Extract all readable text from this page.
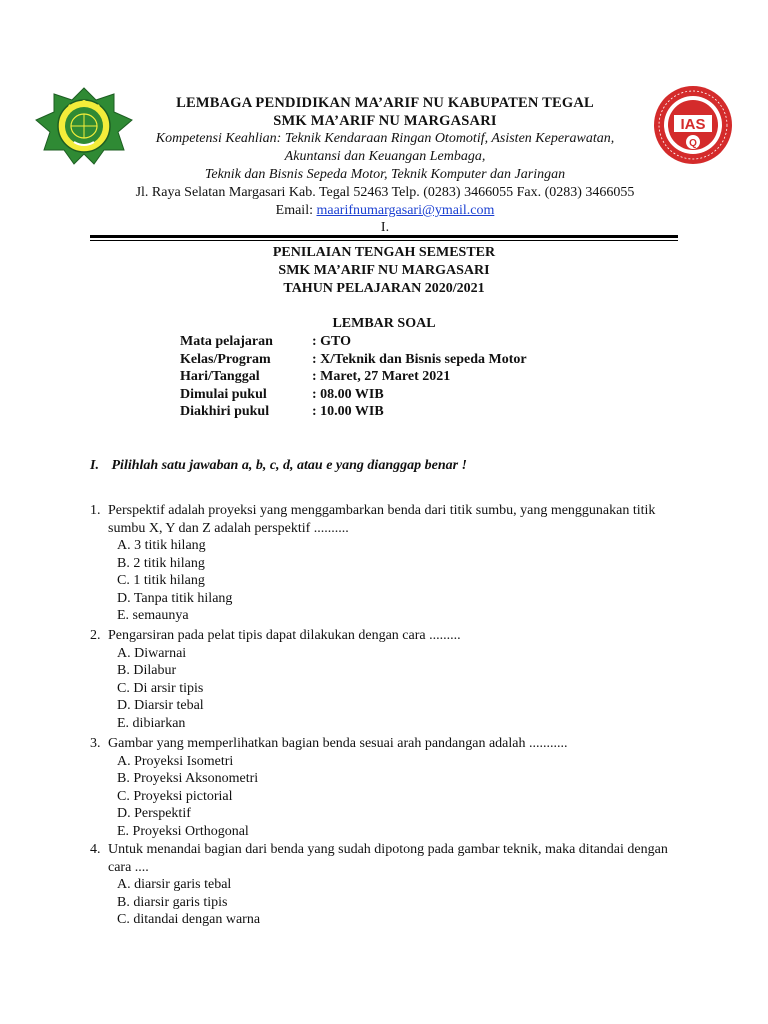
IAS
Q
LEMBAGA PENDIDIKAN MA’ARIF NU KABUPATEN TEGAL
SMK MA’ARIF NU MARGASARI
Kompetensi Keahlian: Teknik Kendaraan Ringan Otomotif, Asisten Keperawatan,
Akuntansi dan Keuangan Lembaga,
Teknik dan Bisnis Sepeda Motor, Teknik Komputer dan Jaringan
Jl. Raya Selatan Margasari Kab. Tegal 52463 Telp. (0283) 3466055 Fax. (0283) 3466055
Email: maarifnumargasari@ymail.com
I.
PENILAIAN TENGAH SEMESTER
SMK MA’ARIF NU MARGASARI
TAHUN PELAJARAN 2020/2021
LEMBAR SOAL
Mata pelajaran	: GTO
Kelas/Program	: X/Teknik dan Bisnis sepeda Motor
Hari/Tanggal	: Maret, 27 Maret 2021
Dimulai pukul	: 08.00 WIB
Diakhiri pukul	: 10.00 WIB
I. Pilihlah satu jawaban a, b, c, d, atau e yang dianggap benar !
1. Perspektif adalah proyeksi yang menggambarkan benda dari titik sumbu, yang menggunakan titik sumbu X, Y dan Z adalah perspektif ..........
A. 3 titik hilang
B. 2 titik hilang
C. 1 titik hilang
D. Tanpa titik hilang
E. semaunya
2. Pengarsiran pada pelat tipis dapat dilakukan dengan cara .........
A. Diwarnai
B. Dilabur
C. Di arsir tipis
D. Diarsir tebal
E. dibiarkan
3. Gambar yang memperlihatkan bagian benda sesuai arah pandangan adalah ...........
A. Proyeksi Isometri
B. Proyeksi Aksonometri
C. Proyeksi pictorial
D. Perspektif
E. Proyeksi Orthogonal
4. Untuk menandai bagian dari benda yang sudah dipotong pada gambar teknik, maka ditandai dengan cara ....
A. diarsir garis tebal
B. diarsir garis tipis
C. ditandai dengan warna
